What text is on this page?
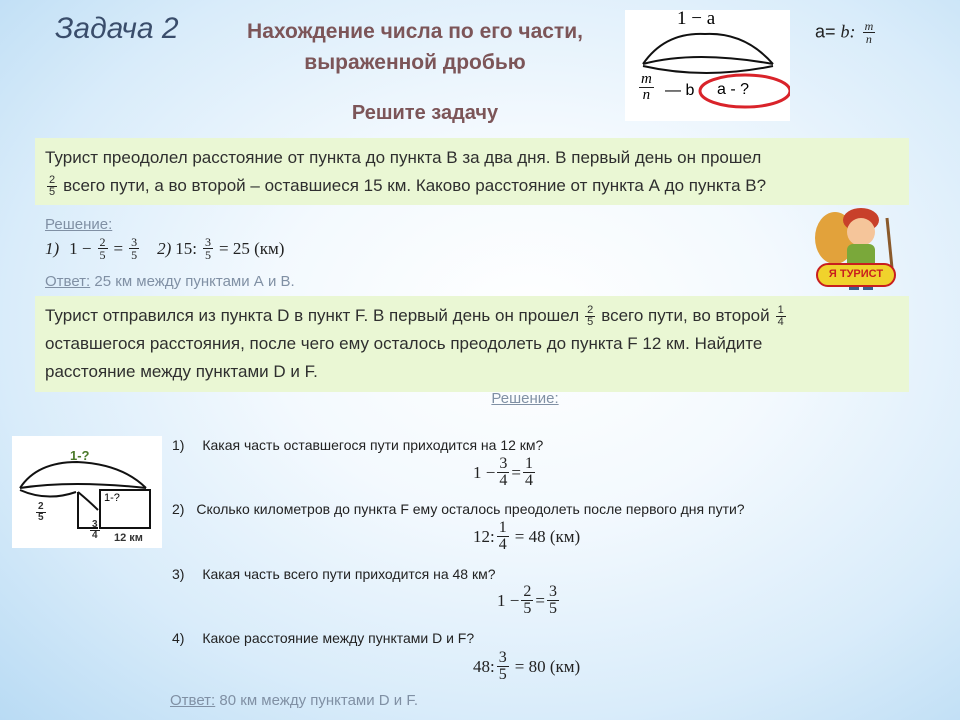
Задача 2	Нахождение числа по его части,
выраженной дробью
Решите задачу
1 − a
$\frac{m}{n}$ — b a - ?
a= b: $\frac{m}{n}$
Турист преодолел расстояние от пункта до пункта В за два дня. В первый день он прошел
$\frac{2}{5}$ всего пути, а во второй – оставшиеся 15 км. Каково расстояние от пункта А до пункта В?
Решение:
1) $1 - \frac{2}{5} = \frac{3}{5} 2$) 15: $\frac{3}{5} = 25$ (км)
Ответ: 25 км между пунктами А и В.	Я ТУРИСТ
Турист отправился из пункта D в пункт F. В первый день он прошел $\frac{2}{5}$ всего пути, во второй $\frac{1}{4}$
оставшегося расстояния, после чего ему осталось преодолеть до пункта F 12 км. Найдите
расстояние между пунктами D и F.
Решение:
1-?
1-?
$\frac{2}{5}$
$\frac{3}{4} 12$ км
1) Какая часть оставшегося пути приходится на 12 км?
$1 - \frac{3}{4} = \frac{1}{4}$
2) Сколько километров до пункта F ему осталось преодолеть после первого дня пути?
12: $\frac{1}{4} = 48$ (км)
3) Какая часть всего пути приходится на 48 км?
$1 - \frac{2}{5} = \frac{3}{5}$
4) Какое расстояние между пунктами D и F?
48: $\frac{3}{5} = 80$ (км)
Ответ: 80 км между пунктами D и F.
